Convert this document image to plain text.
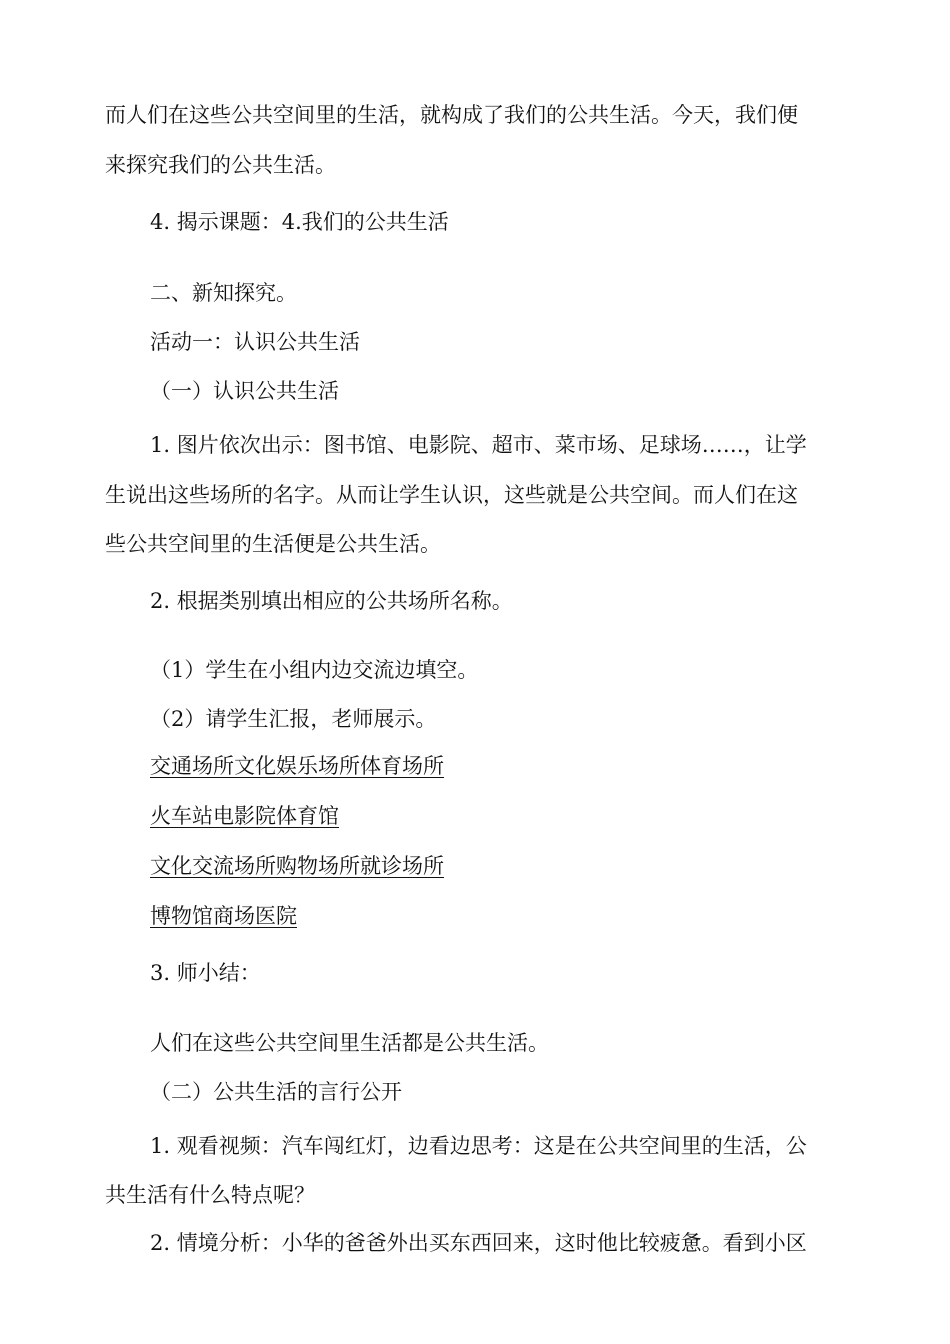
而人们在这些公共空间里的生活，就构成了我们的公共生活。今天，我们便
来探究我们的公共生活。
4. 揭示课题：4.我们的公共生活
二、新知探究。
活动一：认识公共生活
（一）认识公共生活
1. 图片依次出示：图书馆、电影院、超市、菜市场、足球场……，让学
生说出这些场所的名字。从而让学生认识，这些就是公共空间。而人们在这
些公共空间里的生活便是公共生活。
2. 根据类别填出相应的公共场所名称。
（1）学生在小组内边交流边填空。
（2）请学生汇报，老师展示。
交通场所文化娱乐场所体育场所
火车站电影院体育馆
文化交流场所购物场所就诊场所
博物馆商场医院
3. 师小结：
人们在这些公共空间里生活都是公共生活。
（二）公共生活的言行公开
1. 观看视频：汽车闯红灯，边看边思考：这是在公共空间里的生活，公
共生活有什么特点呢？
2. 情境分析：小华的爸爸外出买东西回来，这时他比较疲惫。看到小区
